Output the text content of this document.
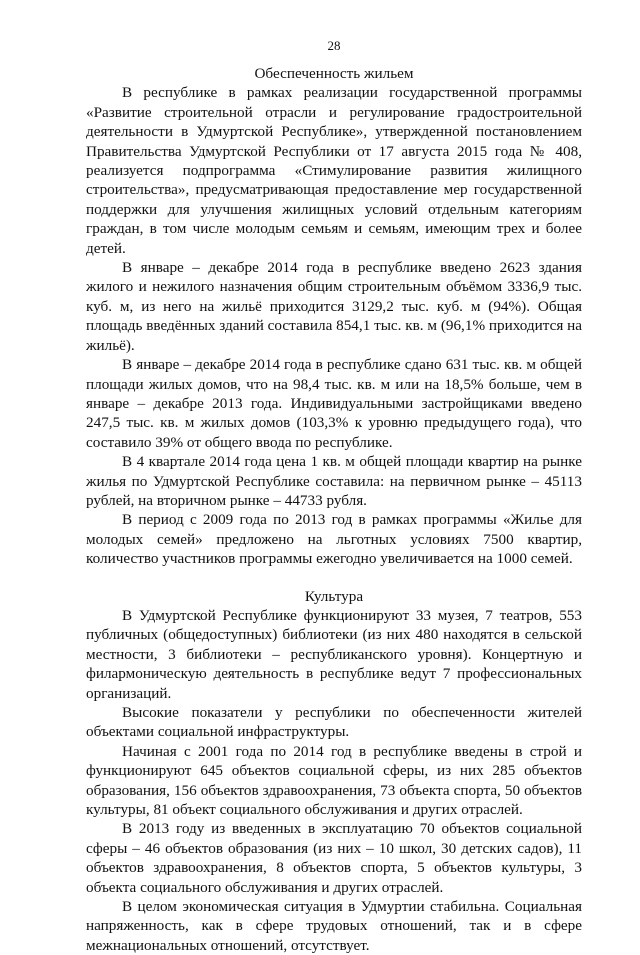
28
Обеспеченность жильем

В республике в рамках реализации государственной программы «Развитие строительной отрасли и регулирование градостроительной деятельности в Удмуртской Республике», утвержденной постановлением Правительства Удмуртской Республики от 17 августа 2015 года № 408, реализуется подпрограмма «Стимулирование развития жилищного строительства», предусматривающая предоставление мер государственной поддержки для улучшения жилищных условий отдельным категориям граждан, в том числе молодым семьям и семьям, имеющим трех и более детей.

В январе – декабре 2014 года в республике введено 2623 здания жилого и нежилого назначения общим строительным объёмом 3336,9 тыс. куб. м, из него на жильё приходится 3129,2 тыс. куб. м (94%). Общая площадь введённых зданий составила 854,1 тыс. кв. м (96,1% приходится на жильё).

В январе – декабре 2014 года в республике сдано 631 тыс. кв. м общей площади жилых домов, что на 98,4 тыс. кв. м или на 18,5% больше, чем в январе – декабре 2013 года. Индивидуальными застройщиками введено 247,5 тыс. кв. м жилых домов (103,3% к уровню предыдущего года), что составило 39% от общего ввода по республике.

В 4 квартале 2014 года цена 1 кв. м общей площади квартир на рынке жилья по Удмуртской Республике составила: на первичном рынке – 45113 рублей, на вторичном рынке – 44733 рубля.

В период с 2009 года по 2013 год в рамках программы «Жилье для молодых семей» предложено на льготных условиях 7500 квартир, количество участников программы ежегодно увеличивается на 1000 семей.

Культура

В Удмуртской Республике функционируют 33 музея, 7 театров, 553 публичных (общедоступных) библиотеки (из них 480 находятся в сельской местности, 3 библиотеки – республиканского уровня). Концертную и филармоническую деятельность в республике ведут 7 профессиональных организаций.

Высокие показатели у республики по обеспеченности жителей объектами социальной инфраструктуры.

Начиная с 2001 года по 2014 год в республике введены в строй и функционируют 645 объектов социальной сферы, из них 285 объектов образования, 156 объектов здравоохранения, 73 объекта спорта, 50 объектов культуры, 81 объект социального обслуживания и других отраслей.

В 2013 году из введенных в эксплуатацию 70 объектов социальной сферы – 46 объектов образования (из них – 10 школ, 30 детских садов), 11 объектов здравоохранения, 8 объектов спорта, 5 объектов культуры, 3 объекта социального обслуживания и других отраслей.

В целом экономическая ситуация в Удмуртии стабильна. Социальная напряженность, как в сфере трудовых отношений, так и в сфере межнациональных отношений, отсутствует.
